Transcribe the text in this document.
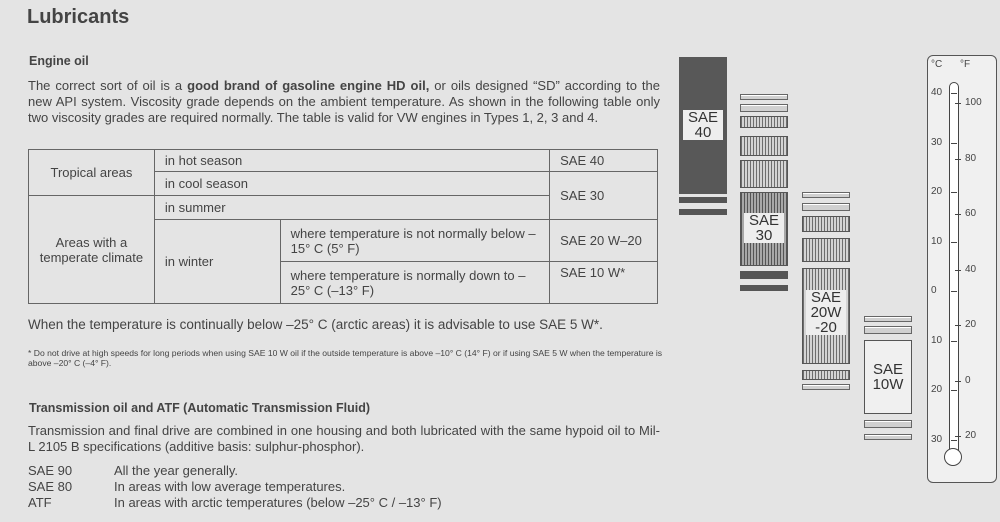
Lubricants
Engine oil
The correct sort of oil is a good brand of gasoline engine HD oil, or oils designed “SD” according to the new API system. Viscosity grade depends on the ambient temperature. As shown in the following table only two viscosity grades are required normally. The table is valid for VW engines in Types 1, 2, 3 and 4.
Tropical areas	in hot season		SAE 40
	in cool season		SAE 30
Areas with a temperate climate	in summer		
	in winter	where temperature is not normally below –15° C (5° F)	SAE 20 W–20
		where temperature is normally down to –25° C (–13° F)	SAE 10 W*
When the temperature is continually below –25° C (arctic areas) it is advisable to use SAE 5 W*.
* Do not drive at high speeds for long periods when using SAE 10 W oil if the outside temperature is above –10° C (14° F) or if using SAE 5 W when the temperature is above –20° C (–4° F).
Transmission oil and ATF (Automatic Transmission Fluid)
Transmission and final drive are combined in one housing and both lubricated with the same hypoid oil to Mil-L 2105 B specifications (additive basis: sulphur-phosphor).
SAE 90	All the year generally.
SAE 80	In areas with low average temperatures.
ATF	In areas with arctic temperatures (below –25° C / –13° F)
SAE
40
SAE
30
SAE
20W
-20
SAE
10W
°C °F
40
30
20
10
0
10
20
30
100
80
60
40
20
0
20
